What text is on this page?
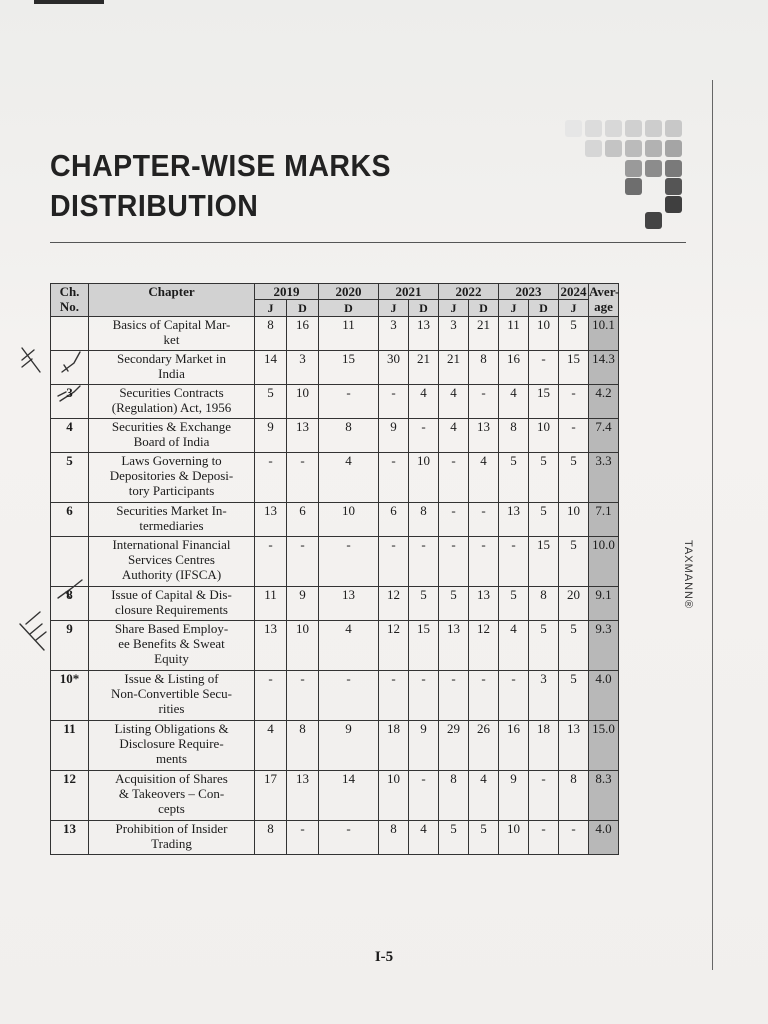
CHAPTER-WISE MARKS
DISTRIBUTION
TAXMANN®
Ch.
No.	Chapter	2019		2020	2021		2022		2023		2024	Aver-
age
		J	D	D	J	D	J	D	J	D	J	

	Basics of Capital Mar-
ket	8	16	11	3	13	3	21	11	10	5	10.1

	Secondary Market in
India	14	3	15	30	21	21	8	16	-	15	14.3
3	Securities Contracts
(Regulation) Act, 1956	5	10	-	-	4	4	-	4	15	-	4.2
4	Securities & Exchange
Board of India	9	13	8	9	-	4	13	8	10	-	7.4
5	Laws Governing to
Depositories & Deposi-
tory Participants	-	-	4	-	10	-	4	5	5	5	3.3
6	Securities Market In-
termediaries	13	6	10	6	8	-	-	13	5	10	7.1

	International Financial
Services Centres
Authority (IFSCA)	-	-	-	-	-	-	-	-	15	5	10.0
8	Issue of Capital & Dis-
closure Requirements	11	9	13	12	5	5	13	5	8	20	9.1
9	Share Based Employ-
ee Benefits & Sweat
Equity	13	10	4	12	15	13	12	4	5	5	9.3
10*	Issue & Listing of
Non-Convertible Secu-
rities	-	-	-	-	-	-	-	-	3	5	4.0
11	Listing Obligations &
Disclosure Require-
ments	4	8	9	18	9	29	26	16	18	13	15.0
12	Acquisition of Shares
& Takeovers – Con-
cepts	17	13	14	10	-	8	4	9	-	8	8.3
13	Prohibition of Insider
Trading	8	-	-	8	4	5	5	10	-	-	4.0
I-5
